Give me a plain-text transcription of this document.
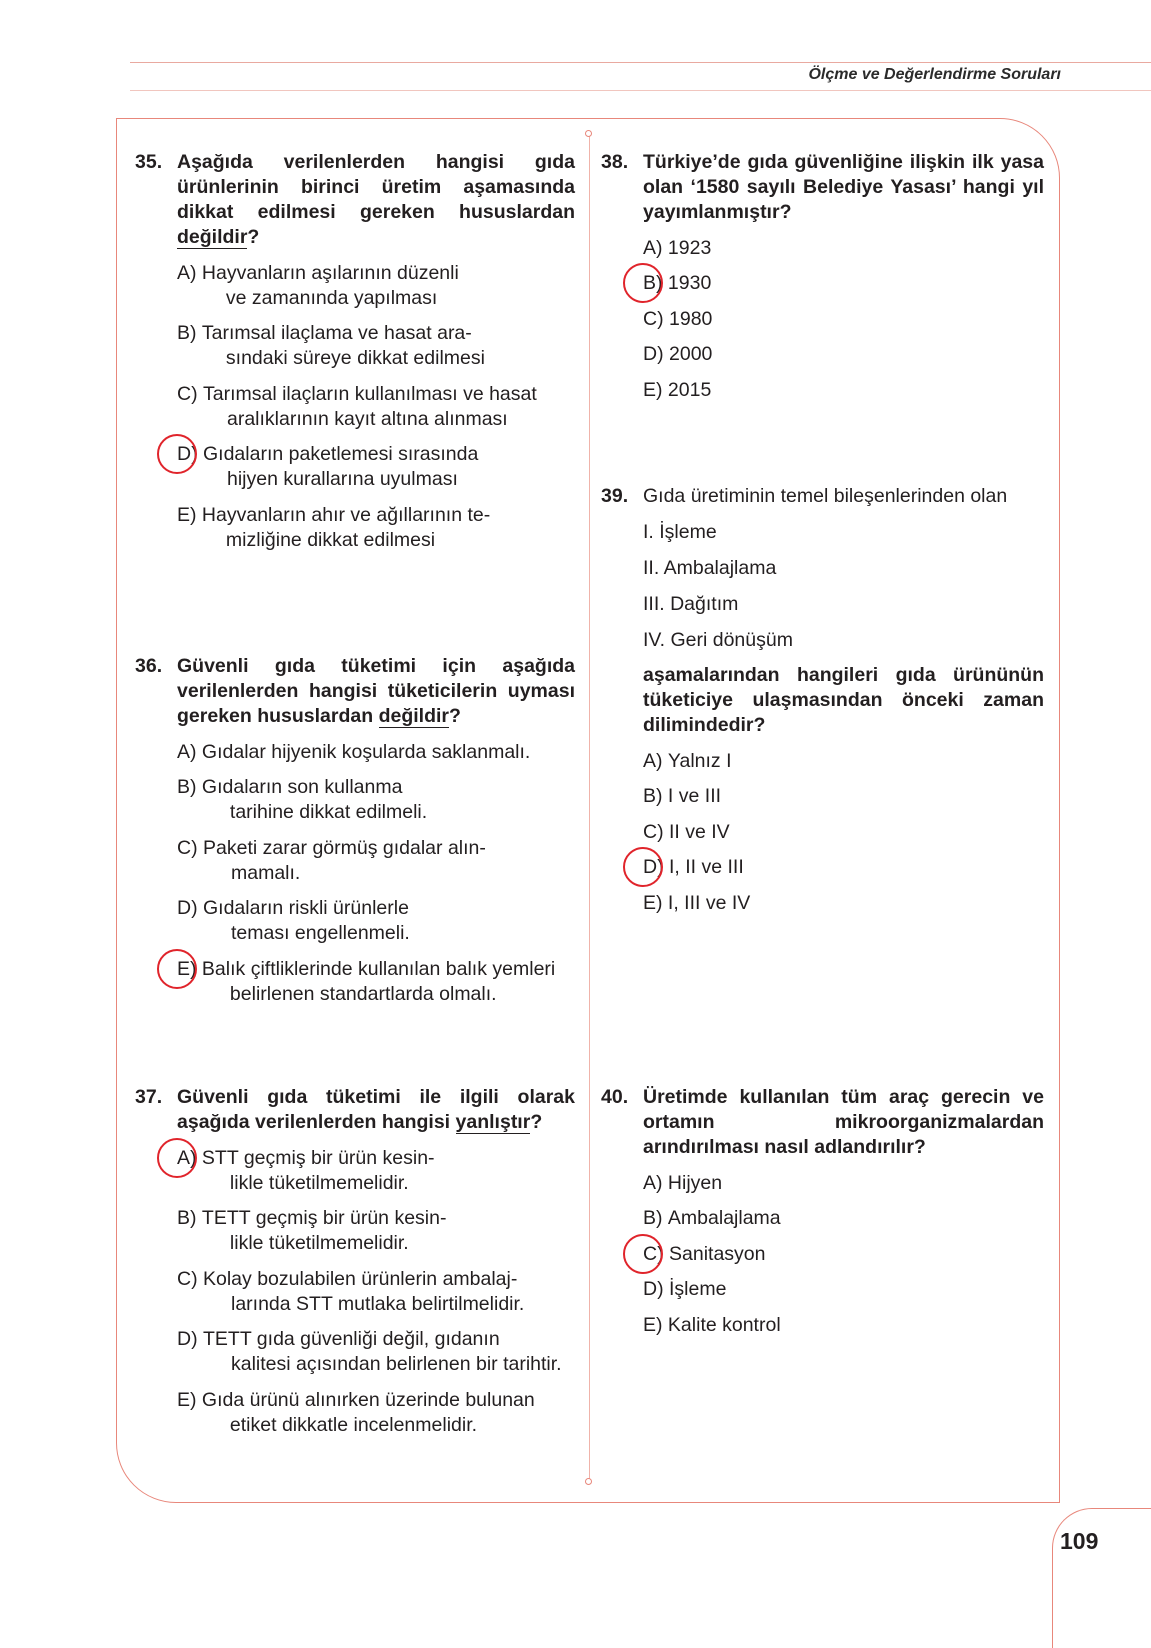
Ölçme ve Değerlendirme Soruları
109
35. Aşağıda verilenlerden hangisi gıda ürünlerinin birinci üretim aşamasında dikkat edilmesi gereken hususlardan değildir?
A)
Hayvanların aşılarının düzenli
ve zamanında yapılması
B)
Tarımsal ilaçlama ve hasat ara-
sındaki süreye dikkat edilmesi
C)
Tarımsal ilaçların kullanılması ve hasat
aralıklarının kayıt altına alınması
D)
Gıdaların paketlemesi sırasında
hijyen kurallarına uyulması
E)
Hayvanların ahır ve ağıllarının te-
mizliğine dikkat edilmesi
36. Güvenli gıda tüketimi için aşağıda verilenlerden hangisi tüketicilerin uyması gereken hususlardan değildir?
A)
Gıdalar hijyenik koşularda saklanmalı.
B)
Gıdaların son kullanma
tarihine dikkat edilmeli.
C)
Paketi zarar görmüş gıdalar alın-
mamalı.
D)
Gıdaların riskli ürünlerle
teması engellenmeli.
E)
Balık çiftliklerinde kullanılan balık yemleri
belirlenen standartlarda olmalı.
37. Güvenli gıda tüketimi ile ilgili olarak aşağıda verilenlerden hangisi yanlıştır?
A)
STT geçmiş bir ürün kesin-
likle tüketilmemelidir.
B)
TETT geçmiş bir ürün kesin-
likle tüketilmemelidir.
C)
Kolay bozulabilen ürünlerin ambalaj-
larında STT mutlaka belirtilmelidir.
D)
TETT gıda güvenliği değil, gıdanın
kalitesi açısından belirlenen bir tarihtir.
E)
Gıda ürünü alınırken üzerinde bulunan
etiket dikkatle incelenmelidir.
38. Türkiye’de gıda güvenliğine ilişkin ilk yasa olan ‘1580 sayılı Belediye Yasası’ hangi yıl yayımlanmıştır?
A)
1923
B)
1930
C)
1980
D)
2000
E)
2015
39. Gıda üretiminin temel bileşenlerinden olan
I. İşleme
II. Ambalajlama
III. Dağıtım
IV. Geri dönüşüm
aşamalarından hangileri gıda ürününün tüketiciye ulaşmasından önceki zaman dilimindedir?
A)
Yalnız I
B)
I ve III
C)
II ve IV
D)
I, II ve III
E)
I, III ve IV
40. Üretimde kullanılan tüm araç gerecin ve ortamın mikroorganizmalardan arındırılması nasıl adlandırılır?
A)
Hijyen
B)
Ambalajlama
C)
Sanitasyon
D)
İşleme
E)
Kalite kontrol
